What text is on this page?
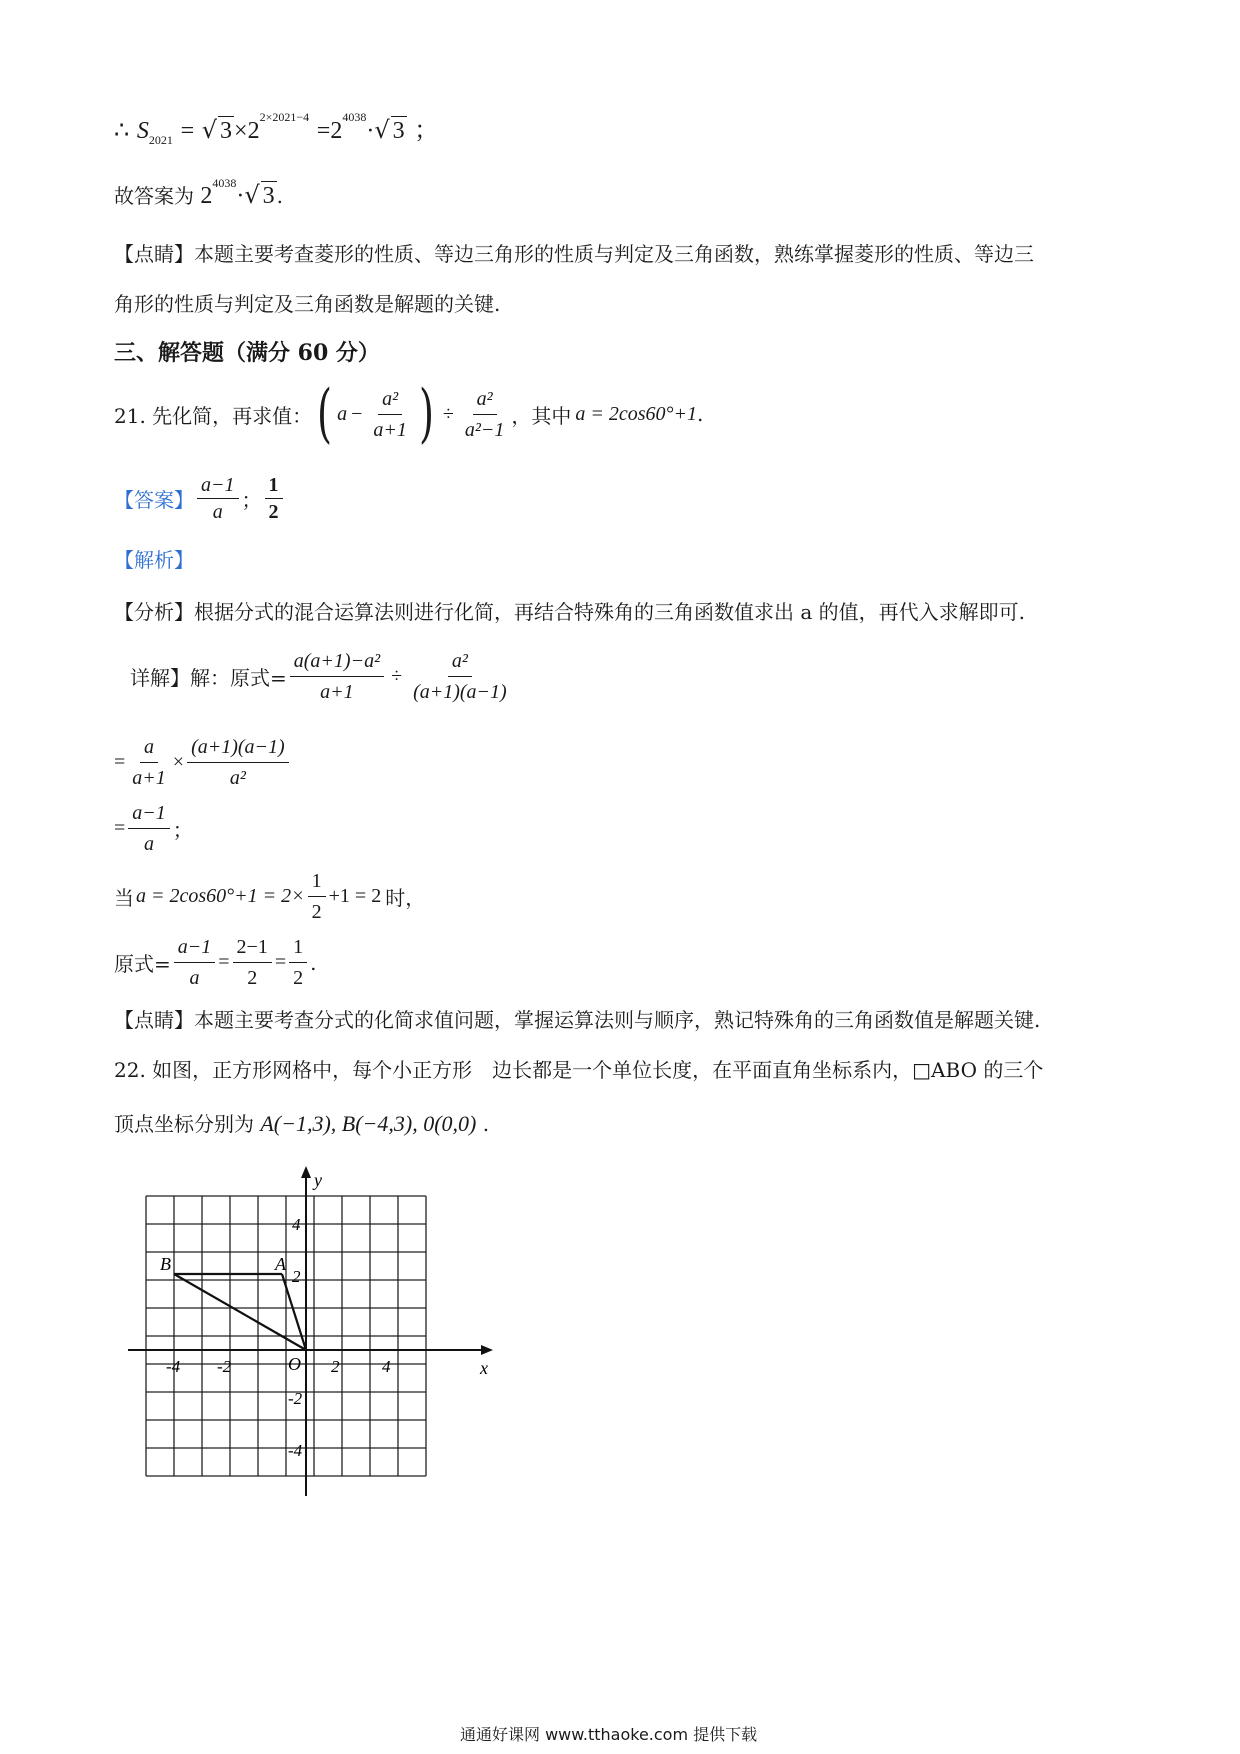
∴ $S_{2021}$ = √ $3\times 2^{2\times 2021-4} =2^{4038}\cdot√$ 3 ；
故答案为 $2^{4038}\cdot√$ 3 .
【点睛】本题主要考查菱形的性质、等边三角形的性质与判定及三角函数，熟练掌握菱形的性质、等边三
角形的性质与判定及三角函数是解题的关键.
三、解答题（满分 60 分）
21. 先化简，再求值： ( $a - \frac{\text{a²}}{a+1}$ ) ÷ $\frac{\text{a²}}{\text{a²−1}}$ ，其中 a = 2cos60°+1 .
【答案】 $\frac{a-1}{a}$ ； $\frac{1}{2}$
【解析】
【分析】根据分式的混合运算法则进行化简，再结合特殊角的三角函数值求出 a 的值，再代入求解即可.
详解】解：原式= $\frac{\text{a(a+1)−a²}}{a+1} \div \frac{\text{a²}}{(a+1)(a-1)}$
= $\frac{a}{a+1} \times \frac{(a+1)(a-1)}{\text{a²}}$
= $\frac{a-1}{a}$ ；
当 $a = 2\cos 60^\circ+1 = 2\times \frac{1}{2} +1 = 2$ 时，
原式= $\frac{a-1}{a} = \frac{2-1}{2} = \frac{1}{2}$ .
【点睛】本题主要考查分式的化简求值问题，掌握运算法则与顺序，熟记特殊角的三角函数值是解题关键.
22. 如图，正方形网格中，每个小正方形　边长都是一个单位长度，在平面直角坐标系内，□ABO 的三个
顶点坐标分别为 A(−1,3), B(−4,3), 0(0,0) .
y
x
O
B	A
-4 -2	2	4
4
2
-2
-4
通通好课网 www.tthaoke.com 提供下载
